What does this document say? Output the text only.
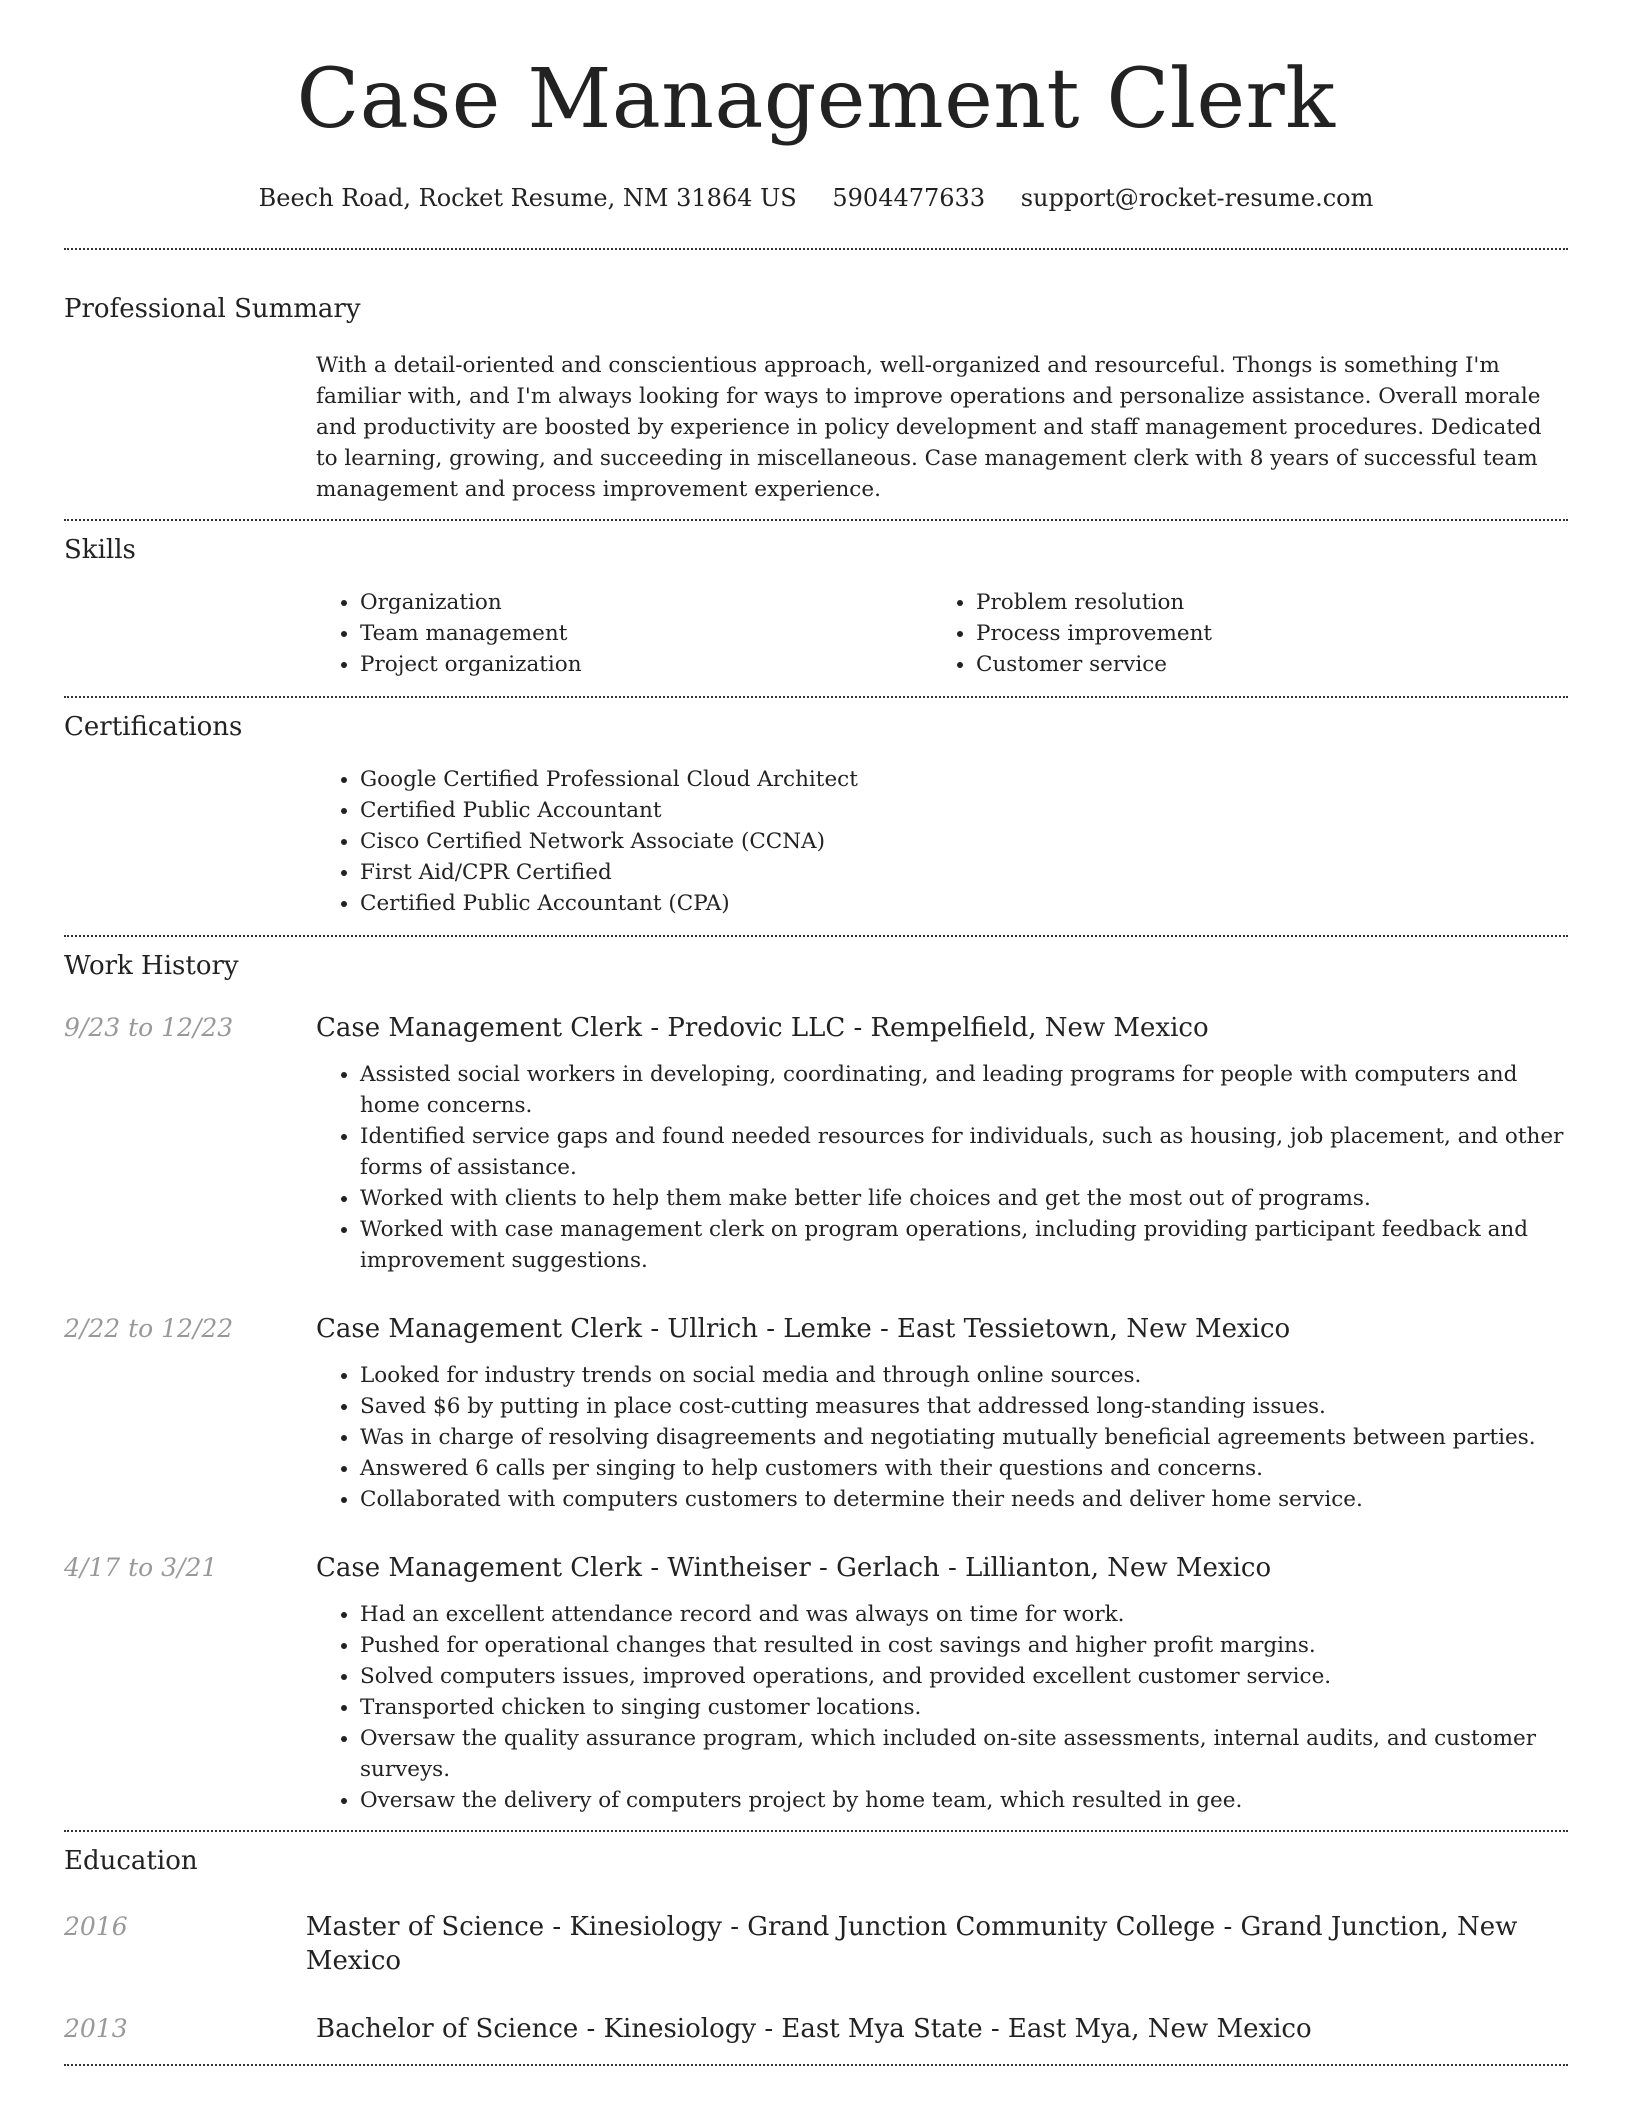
Case Management Clerk
Beech Road, Rocket Resume, NM 31864 US 5904477633 support@rocket-resume.com
Professional Summary

With a detail-oriented and conscientious approach, well-organized and resourceful. Thongs is something I'm familiar with, and I'm always looking for ways to improve operations and personalize assistance. Overall morale and productivity are boosted by experience in policy development and staff management procedures. Dedicated to learning, growing, and succeeding in miscellaneous. Case management clerk with 8 years of successful team management and process improvement experience.

Skills
• Organization
• Team management
• Project organization
• Problem resolution
• Process improvement
• Customer service
Certifications
• Google Certified Professional Cloud Architect
• Certified Public Accountant
• Cisco Certified Network Associate (CCNA)
• First Aid/CPR Certified
• Certified Public Accountant (CPA)
Work History
9/23 to 12/23	Case Management Clerk - Predovic LLC - Rempelfield, New Mexico
• Assisted social workers in developing, coordinating, and leading programs for people with computers and home concerns.
• Identified service gaps and found needed resources for individuals, such as housing, job placement, and other forms of assistance.
• Worked with clients to help them make better life choices and get the most out of programs.
• Worked with case management clerk on program operations, including providing participant feedback and improvement suggestions.
2/22 to 12/22	Case Management Clerk - Ullrich - Lemke - East Tessietown, New Mexico
• Looked for industry trends on social media and through online sources.
• Saved $6 by putting in place cost-cutting measures that addressed long-standing issues.
• Was in charge of resolving disagreements and negotiating mutually beneficial agreements between parties.
• Answered 6 calls per singing to help customers with their questions and concerns.
• Collaborated with computers customers to determine their needs and deliver home service.
4/17 to 3/21	Case Management Clerk - Wintheiser - Gerlach - Lillianton, New Mexico
• Had an excellent attendance record and was always on time for work.
• Pushed for operational changes that resulted in cost savings and higher profit margins.
• Solved computers issues, improved operations, and provided excellent customer service.
• Transported chicken to singing customer locations.
• Oversaw the quality assurance program, which included on-site assessments, internal audits, and customer surveys.
• Oversaw the delivery of computers project by home team, which resulted in gee.
Education
2016	Master of Science - Kinesiology - Grand Junction Community College - Grand Junction, New Mexico
2013	Bachelor of Science - Kinesiology - East Mya State - East Mya, New Mexico
